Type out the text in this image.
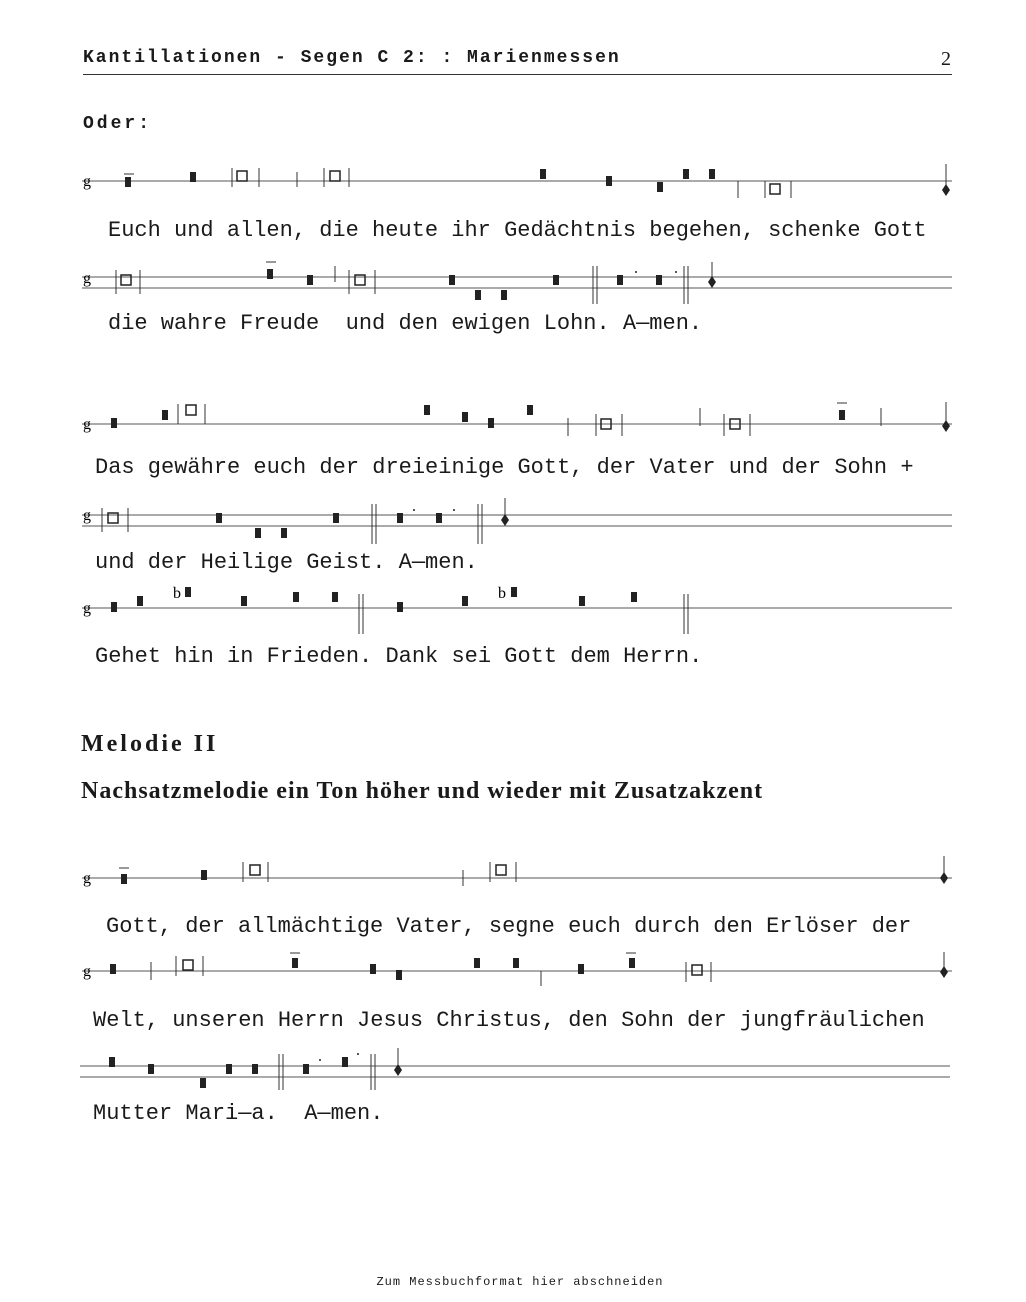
Kantillationen - Segen C 2: : Marienmessen	2
Oder:
g
Euch und allen, die heute ihr Gedächtnis begehen, schenke Gott
g
die wahre Freude  und den ewigen Lohn. A—men.
g
Das gewähre euch der dreieinige Gott, der Vater und der Sohn +
g
und der Heilige Geist. A—men.
g
b	b
Gehet hin in Frieden. Dank sei Gott dem Herrn.
Melodie II
Nachsatzmelodie ein Ton höher und wieder mit Zusatzakzent
g
Gott, der allmächtige Vater, segne euch durch den Erlöser der
g
Welt, unseren Herrn Jesus Christus, den Sohn der jungfräulichen
Mutter Mari—a.  A—men.
Zum Messbuchformat hier abschneiden
